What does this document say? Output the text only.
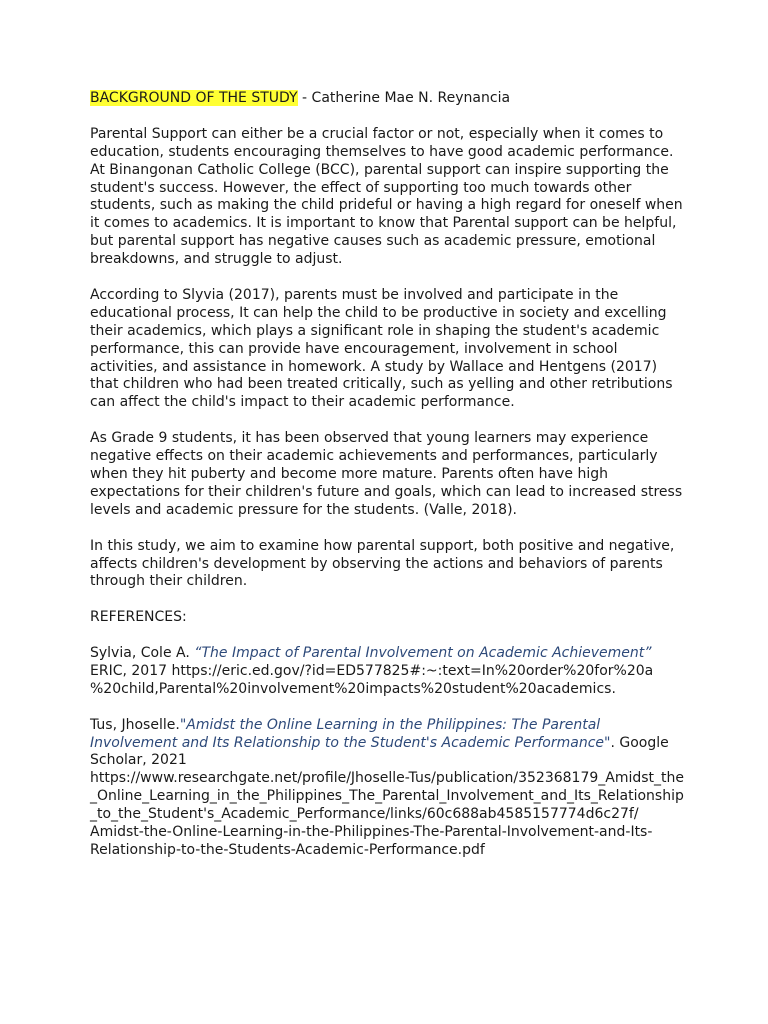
BACKGROUND OF THE STUDY - Catherine Mae N. Reynancia
Parental Support can either be a crucial factor or not, especially when it comes to
education, students encouraging themselves to have good academic performance.
At Binangonan Catholic College (BCC), parental support can inspire supporting the
student's success. However, the effect of supporting too much towards other
students, such as making the child prideful or having a high regard for oneself when
it comes to academics. It is important to know that Parental support can be helpful,
but parental support has negative causes such as academic pressure, emotional
breakdowns, and struggle to adjust.
According to Slyvia (2017), parents must be involved and participate in the
educational process, It can help the child to be productive in society and excelling
their academics, which plays a significant role in shaping the student's academic
performance, this can provide have encouragement, involvement in school
activities, and assistance in homework. A study by Wallace and Hentgens (2017)
that children who had been treated critically, such as yelling and other retributions
can affect the child's impact to their academic performance.
As Grade 9 students, it has been observed that young learners may experience
negative effects on their academic achievements and performances, particularly
when they hit puberty and become more mature. Parents often have high
expectations for their children's future and goals, which can lead to increased stress
levels and academic pressure for the students. (Valle, 2018).
In this study, we aim to examine how parental support, both positive and negative,
affects children's development by observing the actions and behaviors of parents
through their children.
REFERENCES:
Sylvia, Cole A. “The Impact of Parental Involvement on Academic Achievement”
ERIC, 2017 https://eric.ed.gov/?id=ED577825#:~:text=In%20order%20for%20a
%20child,Parental%20involvement%20impacts%20student%20academics.
Tus, Jhoselle."Amidst the Online Learning in the Philippines: The Parental
Involvement and Its Relationship to the Student's Academic Performance". Google
Scholar, 2021
https://www.researchgate.net/profile/Jhoselle-Tus/publication/352368179_Amidst_the
_Online_Learning_in_the_Philippines_The_Parental_Involvement_and_Its_Relationship
_to_the_Student's_Academic_Performance/links/60c688ab4585157774d6c27f/
Amidst-the-Online-Learning-in-the-Philippines-The-Parental-Involvement-and-Its-
Relationship-to-the-Students-Academic-Performance.pdf
